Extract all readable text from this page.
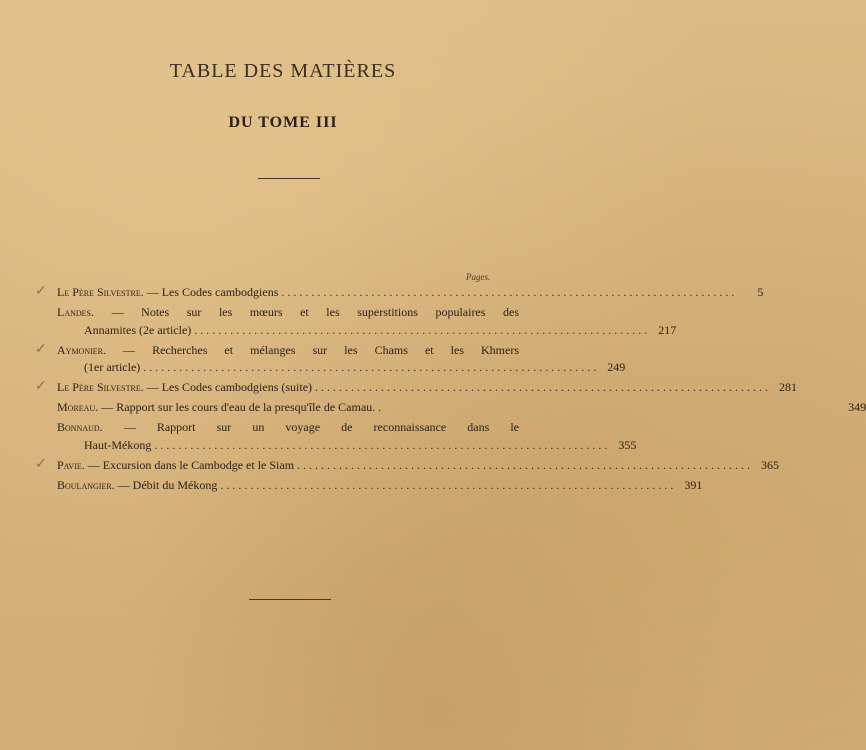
TABLE DES MATIÈRES
DU TOME III
Pages.
✓ Le Père Silvestre. — Les Codes cambodgiens . . .	5
Landes. — Notes sur les mœurs et les superstitions populaires des
Annamites (2e article) . . .	217
✓ Aymonier. — Recherches et mélanges sur les Chams et les Khmers
(1er article) . . .	249
✓ Le Père Silvestre. — Les Codes cambodgiens (suite) . . .	281
Moreau. — Rapport sur les cours d'eau de la presqu'île de Camau. .	349
Bonnaud. — Rapport sur un voyage de reconnaissance dans le
Haut-Mékong . . .	355
✓ Pavie. — Excursion dans le Cambodge et le Siam . . .	365
Boulangier. — Débit du Mékong . . .	391
